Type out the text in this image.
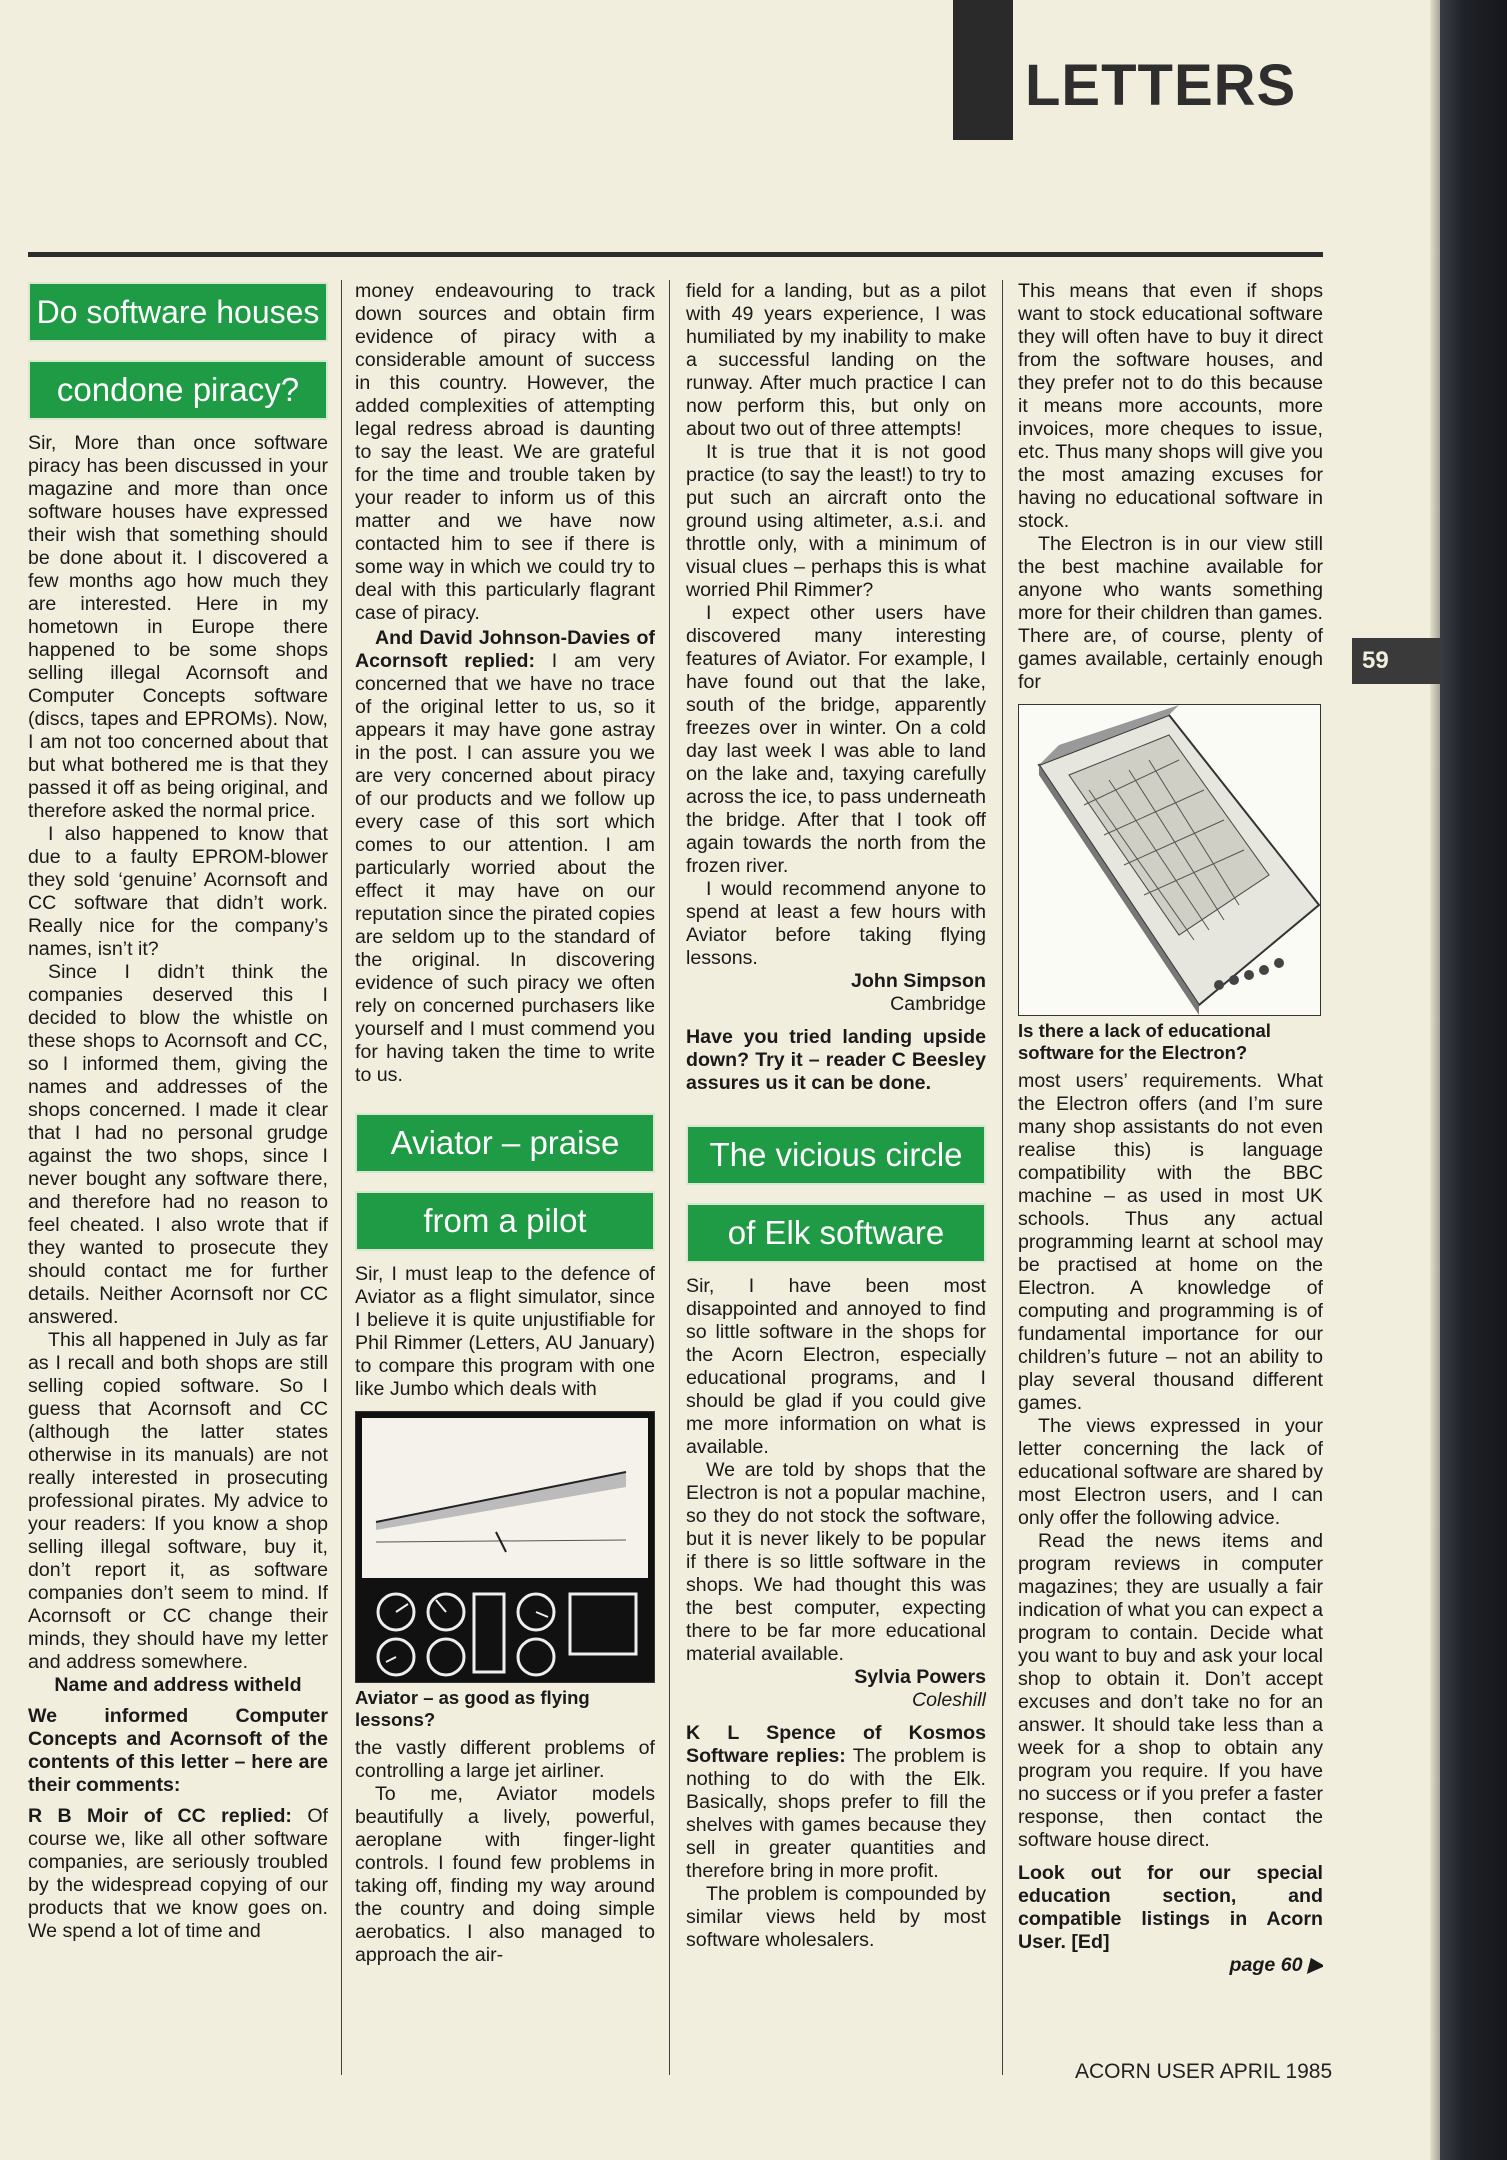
LETTERS
59
Do software houses
condone piracy?

Sir, More than once software piracy has been discussed in your magazine and more than once software houses have expressed their wish that something should be done about it. I discovered a few months ago how much they are interested. Here in my hometown in Europe there happened to be some shops selling illegal Acornsoft and Computer Concepts software (discs, tapes and EPROMs). Now, I am not too concerned about that but what bothered me is that they passed it off as being original, and therefore asked the normal price.

I also happened to know that due to a faulty EPROM-blower they sold ‘genuine’ Acornsoft and CC software that didn’t work. Really nice for the company’s names, isn’t it?

Since I didn’t think the companies deserved this I decided to blow the whistle on these shops to Acornsoft and CC, so I informed them, giving the names and addresses of the shops concerned. I made it clear that I had no personal grudge against the two shops, since I never bought any software there, and therefore had no reason to feel cheated. I also wrote that if they wanted to prosecute they should contact me for further details. Neither Acornsoft nor CC answered.

This all happened in July as far as I recall and both shops are still selling copied software. So I guess that Acornsoft and CC (although the latter states otherwise in its manuals) are not really interested in prosecuting professional pirates. My advice to your readers: If you know a shop selling illegal software, buy it, don’t report it, as software companies don’t seem to mind. If Acornsoft or CC change their minds, they should have my letter and address somewhere.

Name and address witheld

We informed Computer Concepts and Acornsoft of the contents of this letter – here are their comments:

R B Moir of CC replied: Of course we, like all other software companies, are seriously troubled by the widespread copying of our products that we know goes on. We spend a lot of time and

money endeavouring to track down sources and obtain firm evidence of piracy with a considerable amount of success in this country. However, the added complexities of attempting legal redress abroad is daunting to say the least. We are grateful for the time and trouble taken by your reader to inform us of this matter and we have now contacted him to see if there is some way in which we could try to deal with this particularly flagrant case of piracy.

And David Johnson-Davies of Acornsoft replied: I am very concerned that we have no trace of the original letter to us, so it appears it may have gone astray in the post. I can assure you we are very concerned about piracy of our products and we follow up every case of this sort which comes to our attention. I am particularly worried about the effect it may have on our reputation since the pirated copies are seldom up to the standard of the original. In discovering evidence of such piracy we often rely on concerned purchasers like yourself and I must commend you for having taken the time to write to us.

Aviator – praise
from a pilot

Sir, I must leap to the defence of Aviator as a flight simulator, since I believe it is quite unjustifiable for Phil Rimmer (Letters, AU January) to compare this program with one like Jumbo which deals with

Aviator – as good as flying lessons?

the vastly different problems of controlling a large jet airliner.

To me, Aviator models beautifully a lively, powerful, aeroplane with finger-light controls. I found few problems in taking off, finding my way around the country and doing simple aerobatics. I also managed to approach the air-

field for a landing, but as a pilot with 49 years experience, I was humiliated by my inability to make a successful landing on the runway. After much practice I can now perform this, but only on about two out of three attempts!

It is true that it is not good practice (to say the least!) to try to put such an aircraft onto the ground using altimeter, a.s.i. and throttle only, with a minimum of visual clues – perhaps this is what worried Phil Rimmer?

I expect other users have discovered many interesting features of Aviator. For example, I have found out that the lake, south of the bridge, apparently freezes over in winter. On a cold day last week I was able to land on the lake and, taxying carefully across the ice, to pass underneath the bridge. After that I took off again towards the north from the frozen river.

I would recommend anyone to spend at least a few hours with Aviator before taking flying lessons.

John Simpson
Cambridge

Have you tried landing upside down? Try it – reader C Beesley assures us it can be done.

The vicious circle
of Elk software

Sir, I have been most disappointed and annoyed to find so little software in the shops for the Acorn Electron, especially educational programs, and I should be glad if you could give me more information on what is available.

We are told by shops that the Electron is not a popular machine, so they do not stock the software, but it is never likely to be popular if there is so little software in the shops. We had thought this was the best computer, expecting there to be far more educational material available.

Sylvia Powers
Coleshill

K L Spence of Kosmos Software replies: The problem is nothing to do with the Elk. Basically, shops prefer to fill the shelves with games because they sell in greater quantities and therefore bring in more profit.

The problem is compounded by similar views held by most software wholesalers.

This means that even if shops want to stock educational software they will often have to buy it direct from the software houses, and they prefer not to do this because it means more accounts, more invoices, more cheques to issue, etc. Thus many shops will give you the most amazing excuses for having no educational software in stock.

The Electron is in our view still the best machine available for anyone who wants something more for their children than games. There are, of course, plenty of games available, certainly enough for

Is there a lack of educational software for the Electron?

most users’ requirements. What the Electron offers (and I’m sure many shop assistants do not even realise this) is language compatibility with the BBC machine – as used in most UK schools. Thus any actual programming learnt at school may be practised at home on the Electron. A knowledge of computing and programming is of fundamental importance for our children’s future – not an ability to play several thousand different games.

The views expressed in your letter concerning the lack of educational software are shared by most Electron users, and I can only offer the following advice.

Read the news items and program reviews in computer magazines; they are usually a fair indication of what you can expect a program to contain. Decide what you want to buy and ask your local shop to obtain it. Don’t accept excuses and don’t take no for an answer. It should take less than a week for a shop to obtain any program you require. If you have no success or if you prefer a faster response, then contact the software house direct.

Look out for our special education section, and compatible listings in Acorn User. [Ed]

page 60 ▶
ACORN USER APRIL 1985
